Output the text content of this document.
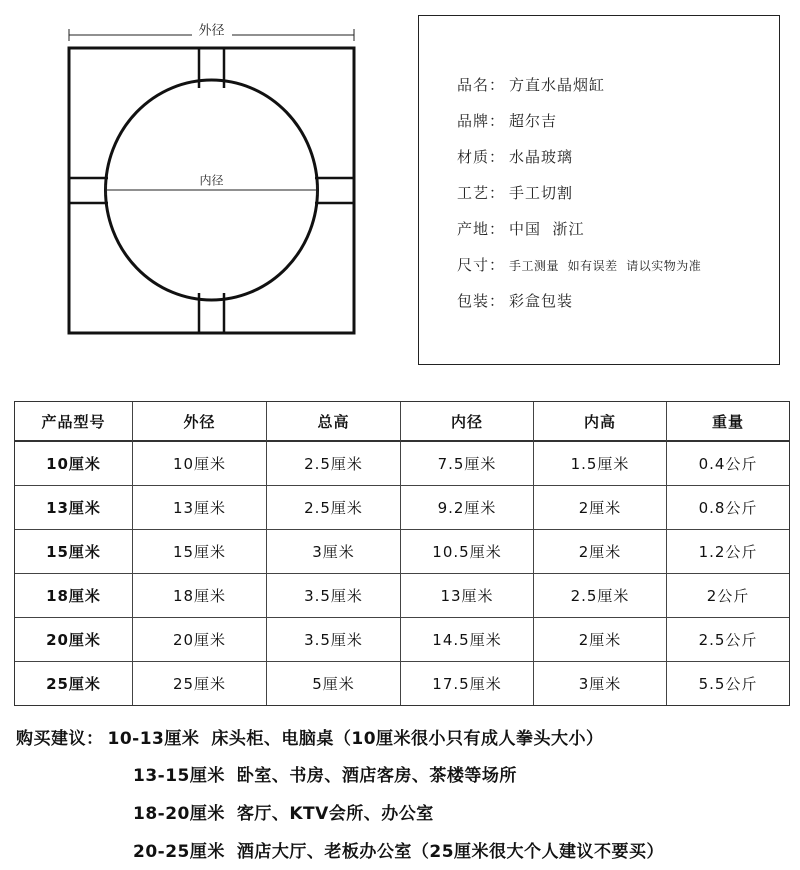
外径
内径
品名： 方直水晶烟缸
品牌： 超尔吉
材质： 水晶玻璃
工艺： 手工切割
产地： 中国  浙江
尺寸： 手工测量  如有误差  请以实物为准
包装： 彩盒包装
产品型号	外径	总高	内径	内高	重量
10厘米	10厘米	2.5厘米	7.5厘米	1.5厘米	0.4公斤
13厘米	13厘米	2.5厘米	9.2厘米	2厘米	0.8公斤
15厘米	15厘米	3厘米	10.5厘米	2厘米	1.2公斤
18厘米	18厘米	3.5厘米	13厘米	2.5厘米	2公斤
20厘米	20厘米	3.5厘米	14.5厘米	2厘米	2.5公斤
25厘米	25厘米	5厘米	17.5厘米	3厘米	5.5公斤
购买建议： 10-13厘米 床头柜、电脑桌（10厘米很小只有成人拳头大小）
13-15厘米 卧室、书房、酒店客房、茶楼等场所
18-20厘米 客厅、KTV会所、办公室
20-25厘米 酒店大厅、老板办公室（25厘米很大个人建议不要买）
